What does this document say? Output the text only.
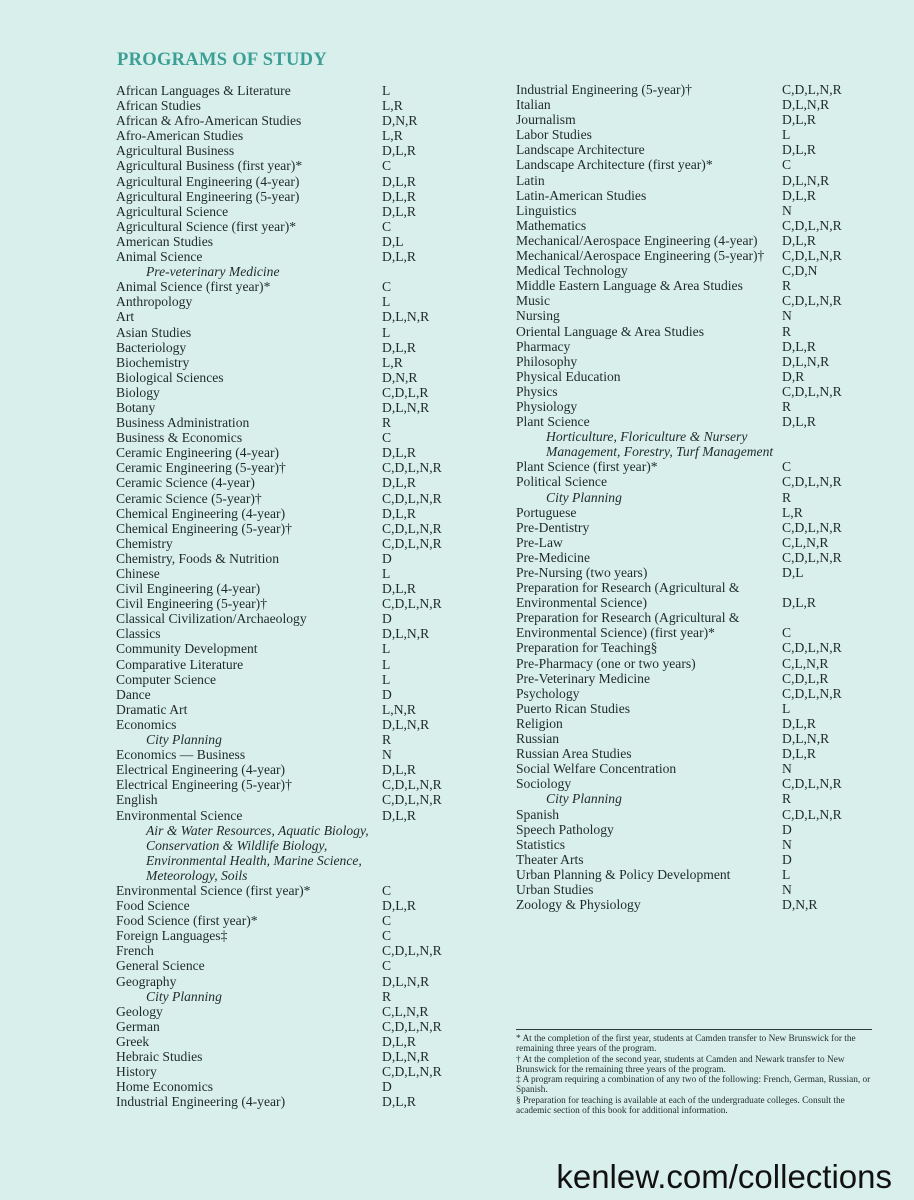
PROGRAMS OF STUDY
African Languages & Literature	L
African Studies	L,R
African & Afro-American Studies	D,N,R
Afro-American Studies	L,R
Agricultural Business	D,L,R
Agricultural Business (first year)*	C
Agricultural Engineering (4-year)	D,L,R
Agricultural Engineering (5-year)	D,L,R
Agricultural Science	D,L,R
Agricultural Science (first year)*	C
American Studies	D,L
Animal Science	D,L,R
Pre-veterinary Medicine
Animal Science (first year)*	C
Anthropology	L
Art	D,L,N,R
Asian Studies	L
Bacteriology	D,L,R
Biochemistry	L,R
Biological Sciences	D,N,R
Biology	C,D,L,R
Botany	D,L,N,R
Business Administration	R
Business & Economics	C
Ceramic Engineering (4-year)	D,L,R
Ceramic Engineering (5-year)†	C,D,L,N,R
Ceramic Science (4-year)	D,L,R
Ceramic Science (5-year)†	C,D,L,N,R
Chemical Engineering (4-year)	D,L,R
Chemical Engineering (5-year)†	C,D,L,N,R
Chemistry	C,D,L,N,R
Chemistry, Foods & Nutrition	D
Chinese	L
Civil Engineering (4-year)	D,L,R
Civil Engineering (5-year)†	C,D,L,N,R
Classical Civilization/Archaeology	D
Classics	D,L,N,R
Community Development	L
Comparative Literature	L
Computer Science	L
Dance	D
Dramatic Art	L,N,R
Economics	D,L,N,R
City Planning	R
Economics — Business	N
Electrical Engineering (4-year)	D,L,R
Electrical Engineering (5-year)†	C,D,L,N,R
English	C,D,L,N,R
Environmental Science	D,L,R
Air & Water Resources, Aquatic Biology, Conservation & Wildlife Biology, Environmental Health, Marine Science, Meteorology, Soils
Environmental Science (first year)*	C
Food Science	D,L,R
Food Science (first year)*	C
Foreign Languages‡	C
French	C,D,L,N,R
General Science	C
Geography	D,L,N,R
City Planning	R
Geology	C,L,N,R
German	C,D,L,N,R
Greek	D,L,R
Hebraic Studies	D,L,N,R
History	C,D,L,N,R
Home Economics	D
Industrial Engineering (4-year)	D,L,R
Industrial Engineering (5-year)†	C,D,L,N,R
Italian	D,L,N,R
Journalism	D,L,R
Labor Studies	L
Landscape Architecture	D,L,R
Landscape Architecture (first year)*	C
Latin	D,L,N,R
Latin-American Studies	D,L,R
Linguistics	N
Mathematics	C,D,L,N,R
Mechanical/Aerospace Engineering (4-year)	D,L,R
Mechanical/Aerospace Engineering (5-year)†	C,D,L,N,R
Medical Technology	C,D,N
Middle Eastern Language & Area Studies	R
Music	C,D,L,N,R
Nursing	N
Oriental Language & Area Studies	R
Pharmacy	D,L,R
Philosophy	D,L,N,R
Physical Education	D,R
Physics	C,D,L,N,R
Physiology	R
Plant Science	D,L,R
Horticulture, Floriculture & Nursery Management, Forestry, Turf Management
Plant Science (first year)*	C
Political Science	C,D,L,N,R
City Planning	R
Portuguese	L,R
Pre-Dentistry	C,D,L,N,R
Pre-Law	C,L,N,R
Pre-Medicine	C,D,L,N,R
Pre-Nursing (two years)	D,L
Preparation for Research (Agricultural & Environmental Science)	D,L,R
Preparation for Research (Agricultural & Environmental Science) (first year)*	C
Preparation for Teaching§	C,D,L,N,R
Pre-Pharmacy (one or two years)	C,L,N,R
Pre-Veterinary Medicine	C,D,L,R
Psychology	C,D,L,N,R
Puerto Rican Studies	L
Religion	D,L,R
Russian	D,L,N,R
Russian Area Studies	D,L,R
Social Welfare Concentration	N
Sociology	C,D,L,N,R
City Planning	R
Spanish	C,D,L,N,R
Speech Pathology	D
Statistics	N
Theater Arts	D
Urban Planning & Policy Development	L
Urban Studies	N
Zoology & Physiology	D,N,R

* At the completion of the first year, students at Camden transfer to New Brunswick for the remaining three years of the program.

† At the completion of the second year, students at Camden and Newark transfer to New Brunswick for the remaining three years of the program.

‡ A program requiring a combination of any two of the following: French, German, Russian, or Spanish.

§ Preparation for teaching is available at each of the undergraduate colleges. Consult the academic section of this book for additional information.

kenlew.com/collections
